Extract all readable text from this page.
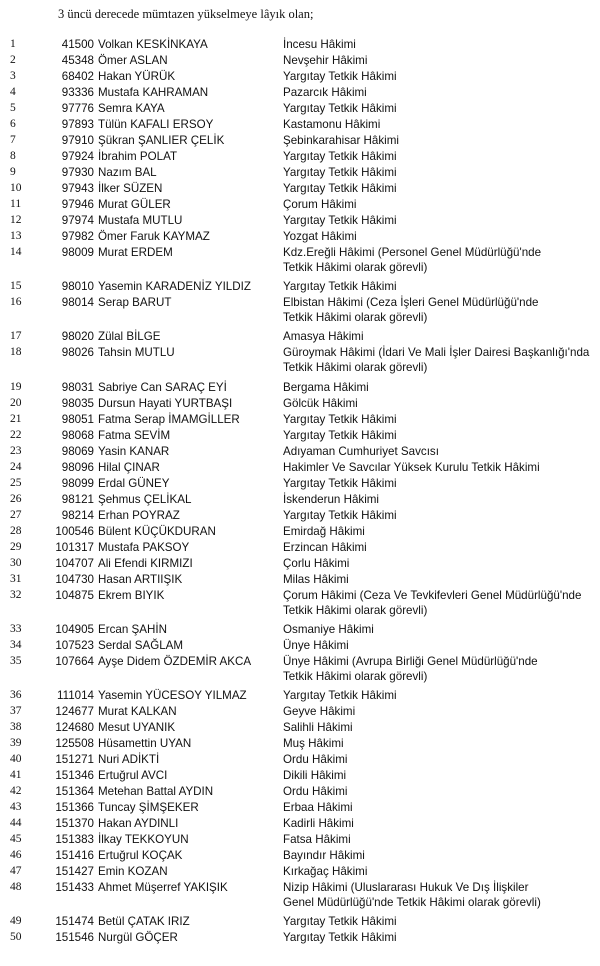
3 üncü derecede mümtazen yükselmeye lâyık olan;
1	41500 Volkan KESKİNKAYA	İncesu Hâkimi
2	45348 Ömer ASLAN	Nevşehir Hâkimi
3	68402 Hakan YÜRÜK	Yargıtay Tetkik Hâkimi
4	93336 Mustafa KAHRAMAN	Pazarcık Hâkimi
5	97776 Semra KAYA	Yargıtay Tetkik Hâkimi
6	97893 Tülün KAFALI ERSOY	Kastamonu Hâkimi
7	97910 Şükran ŞANLIER ÇELİK	Şebinkarahisar Hâkimi
8	97924 İbrahim POLAT	Yargıtay Tetkik Hâkimi
9	97930 Nazım BAL	Yargıtay Tetkik Hâkimi
10	97943 İlker SÜZEN	Yargıtay Tetkik Hâkimi
11	97946 Murat GÜLER	Çorum Hâkimi
12	97974 Mustafa MUTLU	Yargıtay Tetkik Hâkimi
13	97982 Ömer Faruk KAYMAZ	Yozgat Hâkimi
14	98009 Murat ERDEM	Kdz.Ereğli Hâkimi (Personel Genel Müdürlüğü'nde
Tetkik Hâkimi olarak görevli)
15	98010 Yasemin KARADENİZ YILDIZ	Yargıtay Tetkik Hâkimi
16	98014 Serap BARUT	Elbistan Hâkimi (Ceza İşleri Genel Müdürlüğü'nde
Tetkik Hâkimi olarak görevli)
17	98020 Zülal BİLGE	Amasya Hâkimi
18	98026 Tahsin MUTLU	Güroymak Hâkimi (İdari Ve Mali İşler Dairesi Başkanlığı'nda
Tetkik Hâkimi olarak görevli)
19	98031 Sabriye Can SARAÇ EYİ	Bergama Hâkimi
20	98035 Dursun Hayati YURTBAŞI	Gölcük Hâkimi
21	98051 Fatma Serap İMAMGİLLER	Yargıtay Tetkik Hâkimi
22	98068 Fatma SEVİM	Yargıtay Tetkik Hâkimi
23	98069 Yasin KANAR	Adıyaman Cumhuriyet Savcısı
24	98096 Hilal ÇINAR	Hakimler Ve Savcılar Yüksek Kurulu Tetkik Hâkimi
25	98099 Erdal GÜNEY	Yargıtay Tetkik Hâkimi
26	98121 Şehmus ÇELİKAL	İskenderun Hâkimi
27	98214 Erhan POYRAZ	Yargıtay Tetkik Hâkimi
28	100546 Bülent KÜÇÜKDURAN	Emirdağ Hâkimi
29	101317 Mustafa PAKSOY	Erzincan Hâkimi
30	104707 Ali Efendi KIRMIZI	Çorlu Hâkimi
31	104730 Hasan ARTIIŞIK	Milas Hâkimi
32	104875 Ekrem BIYIK	Çorum Hâkimi (Ceza Ve Tevkifevleri Genel Müdürlüğü'nde
Tetkik Hâkimi olarak görevli)
33	104905 Ercan ŞAHİN	Osmaniye Hâkimi
34	107523 Serdal SAĞLAM	Ünye Hâkimi
35	107664 Ayşe Didem ÖZDEMİR AKCA	Ünye Hâkimi (Avrupa Birliği Genel Müdürlüğü'nde
Tetkik Hâkimi olarak görevli)
36	111014 Yasemin YÜCESOY YILMAZ	Yargıtay Tetkik Hâkimi
37	124677 Murat KALKAN	Geyve Hâkimi
38	124680 Mesut UYANIK	Salihli Hâkimi
39	125508 Hüsamettin UYAN	Muş Hâkimi
40	151271 Nuri ADİKTİ	Ordu Hâkimi
41	151346 Ertuğrul AVCI	Dikili Hâkimi
42	151364 Metehan Battal AYDIN	Ordu Hâkimi
43	151366 Tuncay ŞİMŞEKER	Erbaa Hâkimi
44	151370 Hakan AYDINLI	Kadirli Hâkimi
45	151383 İlkay TEKKOYUN	Fatsa Hâkimi
46	151416 Ertuğrul KOÇAK	Bayındır Hâkimi
47	151427 Emin KOZAN	Kırkağaç Hâkimi
48	151433 Ahmet Müşerref YAKIŞIK	Nizip Hâkimi (Uluslararası Hukuk Ve Dış İlişkiler
Genel Müdürlüğü'nde Tetkik Hâkimi olarak görevli)
49	151474 Betül ÇATAK IRIZ	Yargıtay Tetkik Hâkimi
50	151546 Nurgül GÖÇER	Yargıtay Tetkik Hâkimi
